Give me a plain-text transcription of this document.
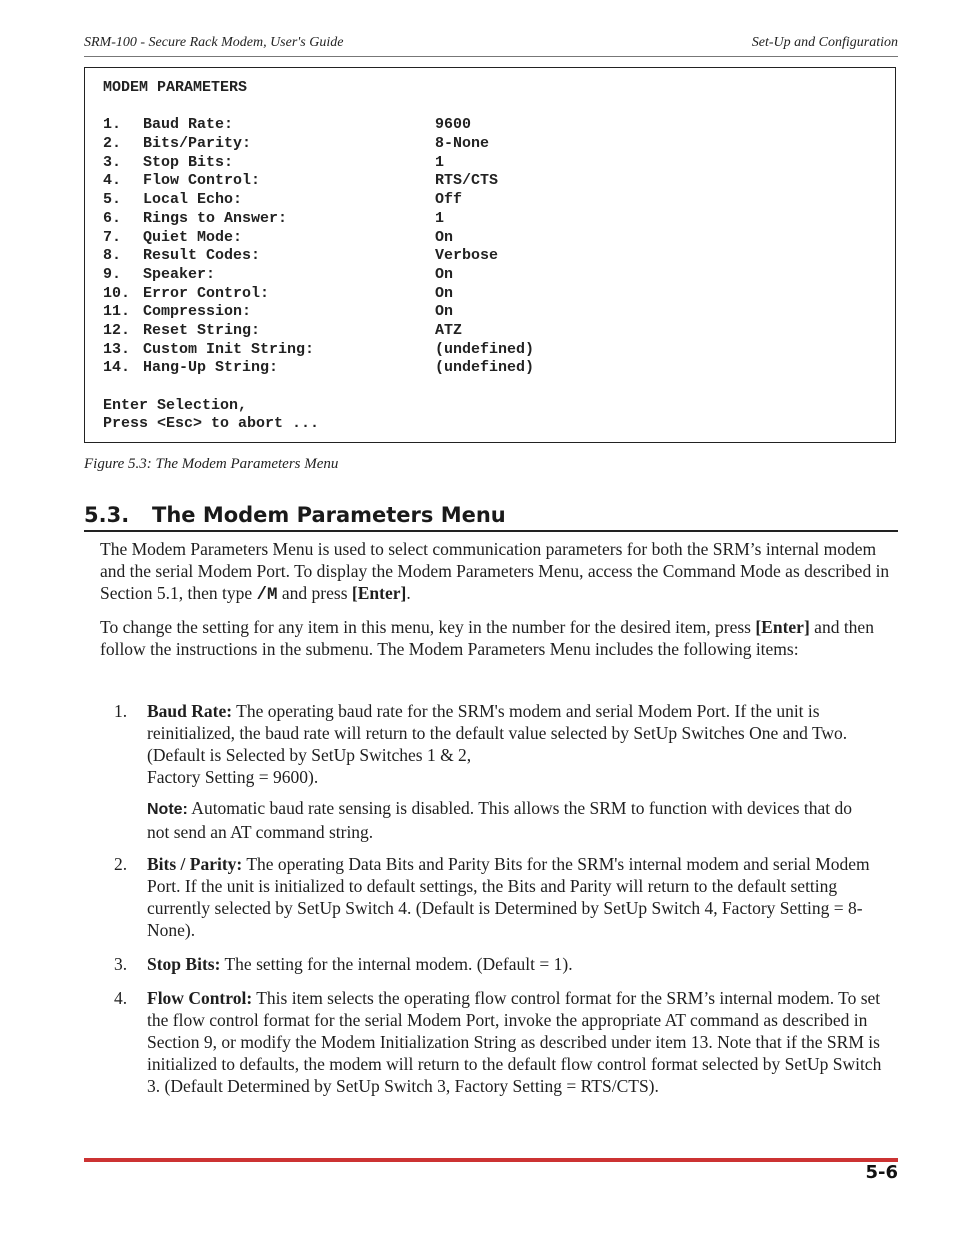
SRM-100 - Secure Rack Modem, User's Guide	Set-Up and Configuration
MODEM PARAMETERS

1. Baud Rate:	9600
2. Bits/Parity:	8-None
3. Stop Bits:	1
4. Flow Control:	RTS/CTS
5. Local Echo:	Off
6. Rings to Answer:	1
7. Quiet Mode:	On
8. Result Codes:	Verbose
9. Speaker:	On
10. Error Control:	On
11. Compression:	On
12. Reset String:	ATZ
13. Custom Init String:	(undefined)
14. Hang-Up String:	(undefined)

Enter Selection,
Press <Esc> to abort ...
Figure 5.3: The Modem Parameters Menu
5.3. The Modem Parameters Menu
The Modem Parameters Menu is used to select communication parameters for both the SRM’s internal modem and the serial Modem Port. To display the Modem Parameters Menu, access the Command Mode as described in Section 5.1, then type /M and press [Enter].
To change the setting for any item in this menu, key in the number for the desired item, press [Enter] and then follow the instructions in the submenu. The Modem Parameters Menu includes the following items:
1. Baud Rate: The operating baud rate for the SRM's modem and serial Modem Port. If the unit is reinitialized, the baud rate will return to the default value selected by SetUp Switches One and Two. (Default is Selected by SetUp Switches 1 & 2,
Factory Setting = 9600).
Note: Automatic baud rate sensing is disabled. This allows the SRM to function with devices that do not send an AT command string.
2. Bits / Parity: The operating Data Bits and Parity Bits for the SRM's internal modem and serial Modem Port. If the unit is initialized to default settings, the Bits and Parity will return to the default setting currently selected by SetUp Switch 4. (Default is Determined by SetUp Switch 4, Factory Setting = 8-None).
3. Stop Bits: The setting for the internal modem. (Default = 1).
4. Flow Control: This item selects the operating flow control format for the SRM’s internal modem. To set the flow control format for the serial Modem Port, invoke the appropriate AT command as described in Section 9, or modify the Modem Initialization String as described under item 13. Note that if the SRM is initialized to defaults, the modem will return to the default flow control format selected by SetUp Switch 3. (Default Determined by SetUp Switch 3, Factory Setting = RTS/CTS).
5-6
